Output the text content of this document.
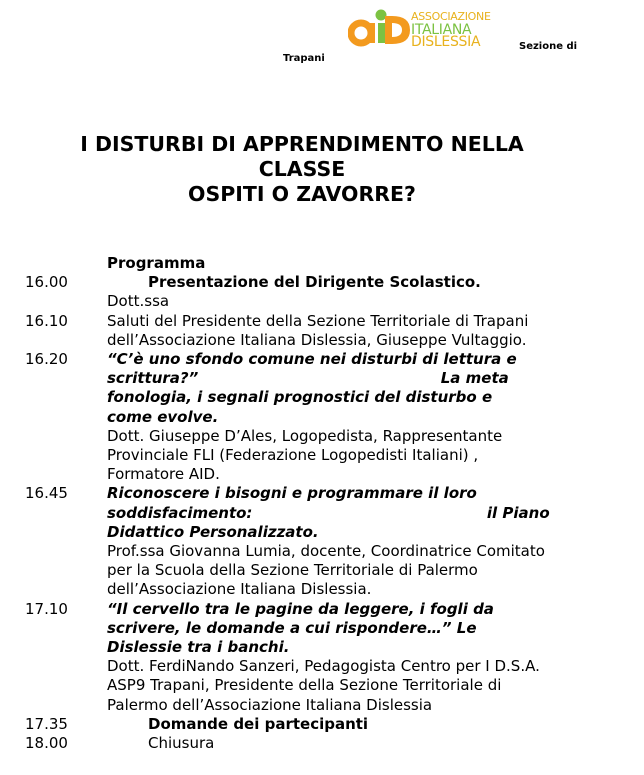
ASSOCIAZIONE
ITALIANA
DISLESSIA	Sezione di
Trapani
I DISTURBI DI APPRENDIMENTO NELLA
CLASSE
OSPITI O ZAVORRE?
Programma
16.00	Presentazione del Dirigente Scolastico.
Dott.ssa
16.10	Saluti del Presidente della Sezione Territoriale di Trapani
dell’Associazione Italiana Dislessia, Giuseppe Vultaggio.
16.20	“C’è uno sfondo comune nei disturbi di lettura e
scrittura?”	La meta
fonologia, i segnali prognostici del disturbo e
come evolve.
Dott. Giuseppe D’Ales, Logopedista, Rappresentante
Provinciale FLI (Federazione Logopedisti Italiani) ,
Formatore AID.
16.45	Riconoscere i bisogni e programmare il loro
soddisfacimento:	il Piano
Didattico Personalizzato.
Prof.ssa Giovanna Lumia, docente, Coordinatrice Comitato
per la Scuola della Sezione Territoriale di Palermo
dell’Associazione Italiana Dislessia.
17.10	“Il cervello tra le pagine da leggere, i fogli da
scrivere, le domande a cui rispondere…” Le
Dislessie tra i banchi.
Dott. FerdiNando Sanzeri, Pedagogista Centro per I D.S.A.
ASP9 Trapani, Presidente della Sezione Territoriale di
Palermo dell’Associazione Italiana Dislessia
17.35	Domande dei partecipanti
18.00	Chiusura
